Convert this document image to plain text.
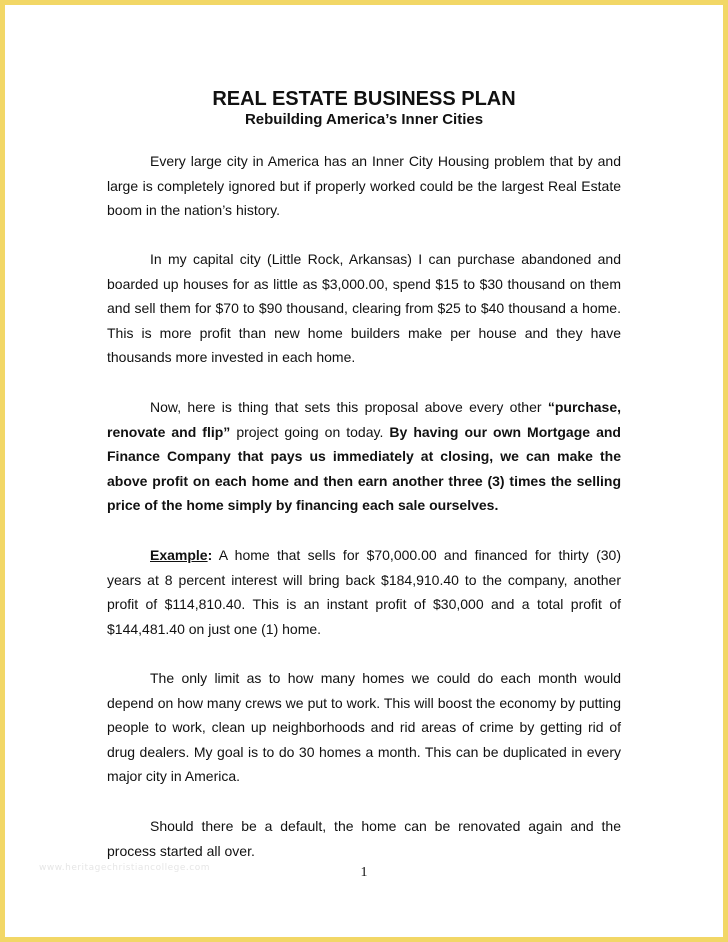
REAL ESTATE BUSINESS PLAN
Rebuilding America’s Inner Cities

Every large city in America has an Inner City Housing problem that by and large is completely ignored but if properly worked could be the largest Real Estate boom in the nation’s history.

In my capital city (Little Rock, Arkansas) I can purchase abandoned and boarded up houses for as little as $3,000.00, spend $15 to $30 thousand on them and sell them for $70 to $90 thousand, clearing from $25 to $40 thousand a home. This is more profit than new home builders make per house and they have thousands more invested in each home.

Now, here is thing that sets this proposal above every other “purchase, renovate and flip” project going on today. By having our own Mortgage and Finance Company that pays us immediately at closing, we can make the above profit on each home and then earn another three (3) times the selling price of the home simply by financing each sale ourselves.

Example: A home that sells for $70,000.00 and financed for thirty (30) years at 8 percent interest will bring back $184,910.40 to the company, another profit of $114,810.40. This is an instant profit of $30,000 and a total profit of $144,481.40 on just one (1) home.

The only limit as to how many homes we could do each month would depend on how many crews we put to work. This will boost the economy by putting people to work, clean up neighborhoods and rid areas of crime by getting rid of drug dealers. My goal is to do 30 homes a month. This can be duplicated in every major city in America.

Should there be a default, the home can be renovated again and the process started all over.

1
www.heritagechristiancollege.com
